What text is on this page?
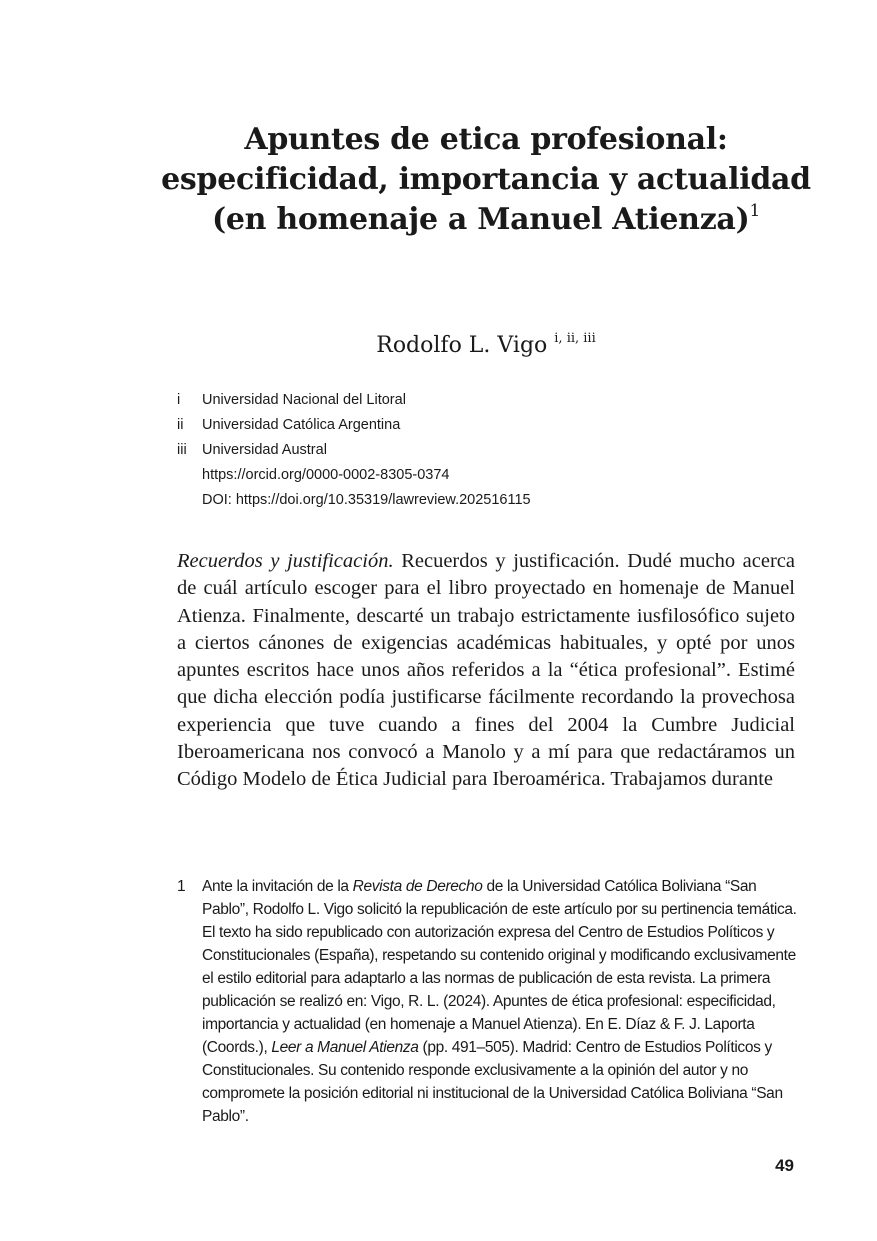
Apuntes de etica profesional: especificidad, importancia y actualidad (en homenaje a Manuel Atienza)$^1$
Rodolfo L. Vigo $^{i, ii, iii}$
i	Universidad Nacional del Litoral
ii	Universidad Católica Argentina
iii	Universidad Austral
https://orcid.org/0000-0002-8305-0374
DOI: https://doi.org/10.35319/lawreview.202516115

Recuerdos y justificación. Recuerdos y justificación. Dudé mucho acerca de cuál artículo escoger para el libro proyectado en homenaje de Manuel Atienza. Finalmente, descarté un trabajo estrictamente iusfilosófico sujeto a ciertos cánones de exigencias académicas habituales, y opté por unos apuntes escritos hace unos años referidos a la “ética profesional”. Estimé que dicha elección podía justificarse fácilmente recordando la provechosa experiencia que tuve cuando a fines del 2004 la Cumbre Judicial Iberoamericana nos convocó a Manolo y a mí para que redactáramos un Código Modelo de Ética Judicial para Iberoamérica. Trabajamos durante

1	Ante la invitación de la Revista de Derecho de la Universidad Católica Boliviana “San Pablo”, Rodolfo L. Vigo solicitó la republicación de este artículo por su pertinencia temática. El texto ha sido republicado con autorización expresa del Centro de Estudios Políticos y Constitucionales (España), respetando su contenido original y modificando exclusivamente el estilo editorial para adaptarlo a las normas de publicación de esta revista. La primera publicación se realizó en: Vigo, R. L. (2024). Apuntes de ética profesional: especificidad, importancia y actualidad (en homenaje a Manuel Atienza). En E. Díaz & F. J. Laporta (Coords.), Leer a Manuel Atienza (pp. 491–505). Madrid: Centro de Estudios Políticos y Constitucionales. Su contenido responde exclusivamente a la opinión del autor y no compromete la posición editorial ni institucional de la Universidad Católica Boliviana “San Pablo”.
49
